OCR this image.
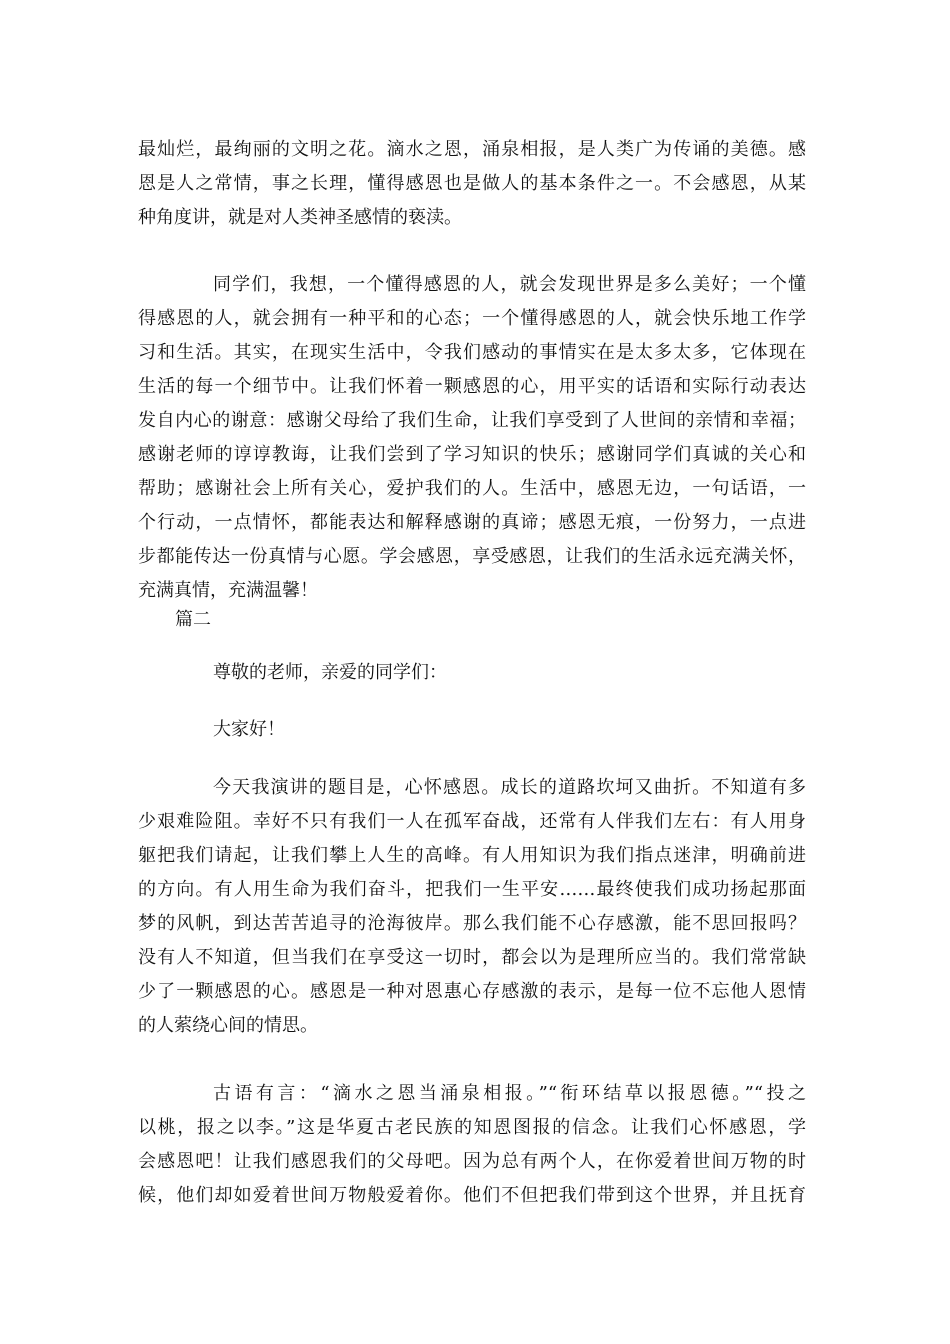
最灿烂，最绚丽的文明之花。滴水之恩，涌泉相报，是人类广为传诵的美德。感
恩是人之常情，事之长理，懂得感恩也是做人的基本条件之一。不会感恩，从某
种角度讲，就是对人类神圣感情的亵渎。
同学们，我想，一个懂得感恩的人，就会发现世界是多么美好；一个懂
得感恩的人，就会拥有一种平和的心态；一个懂得感恩的人，就会快乐地工作学
习和生活。其实，在现实生活中，令我们感动的事情实在是太多太多，它体现在
生活的每一个细节中。让我们怀着一颗感恩的心，用平实的话语和实际行动表达
发自内心的谢意：感谢父母给了我们生命，让我们享受到了人世间的亲情和幸福；
感谢老师的谆谆教诲，让我们尝到了学习知识的快乐；感谢同学们真诚的关心和
帮助；感谢社会上所有关心，爱护我们的人。生活中，感恩无边，一句话语，一
个行动，一点情怀，都能表达和解释感谢的真谛；感恩无痕，一份努力，一点进
步都能传达一份真情与心愿。学会感恩，享受感恩，让我们的生活永远充满关怀，
充满真情，充满温馨！
篇二
尊敬的老师，亲爱的同学们：
大家好！
今天我演讲的题目是，心怀感恩。成长的道路坎坷又曲折。不知道有多
少艰难险阻。幸好不只有我们一人在孤军奋战，还常有人伴我们左右：有人用身
躯把我们请起，让我们攀上人生的高峰。有人用知识为我们指点迷津，明确前进
的方向。有人用生命为我们奋斗，把我们一生平安……最终使我们成功扬起那面
梦的风帆，到达苦苦追寻的沧海彼岸。那么我们能不心存感激，能不思回报吗？
没有人不知道，但当我们在享受这一切时，都会以为是理所应当的。我们常常缺
少了一颗感恩的心。感恩是一种对恩惠心存感激的表示，是每一位不忘他人恩情
的人萦绕心间的情思。
古语有言：“滴水之恩当涌泉相报。”“衔环结草以报恩德。”“投之
以桃，报之以李。”这是华夏古老民族的知恩图报的信念。让我们心怀感恩，学
会感恩吧！让我们感恩我们的父母吧。因为总有两个人，在你爱着世间万物的时
候，他们却如爱着世间万物般爱着你。他们不但把我们带到这个世界，并且抚育
